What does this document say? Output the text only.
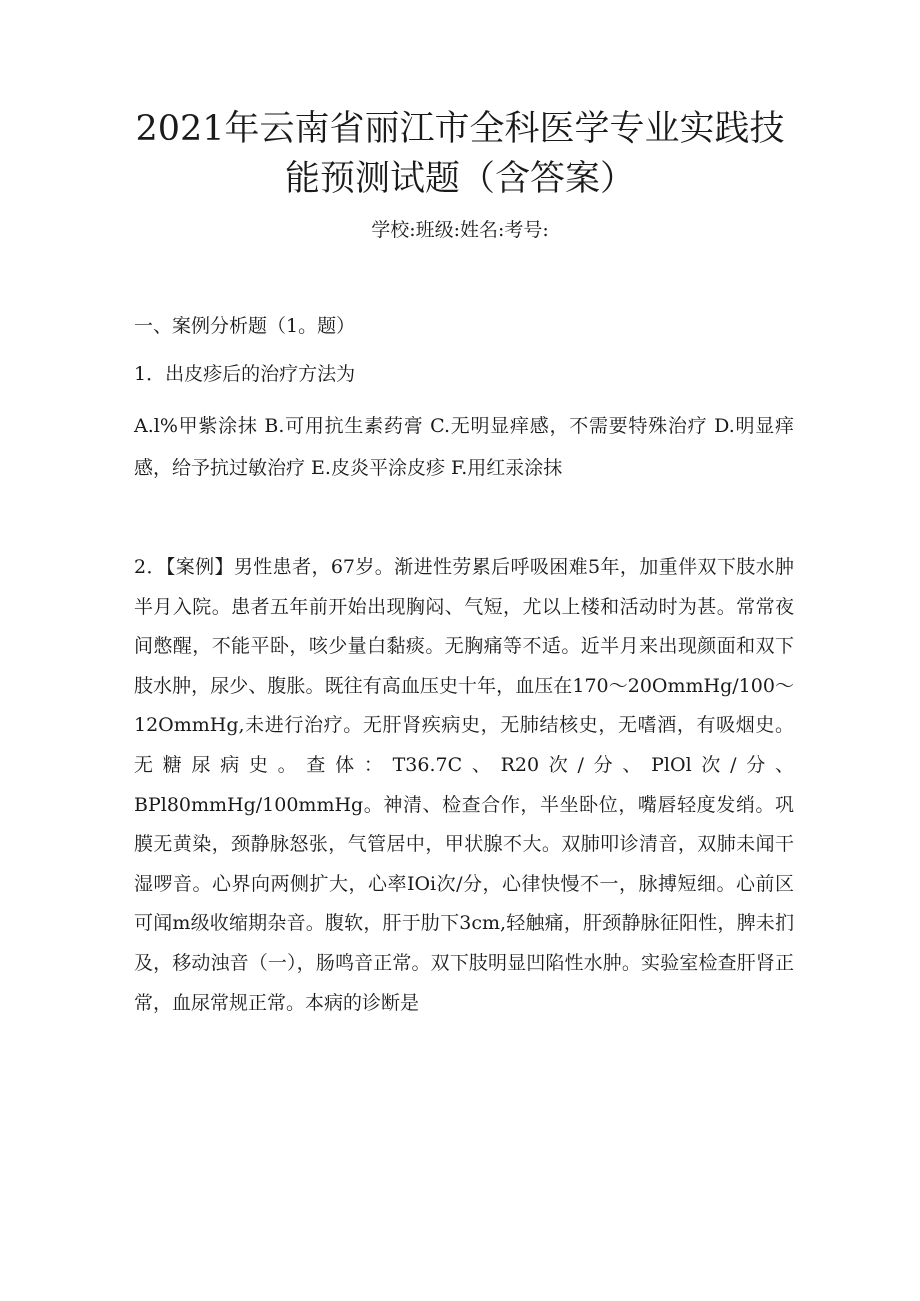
2021年云南省丽江市全科医学专业实践技
能预测试题（含答案）
学校:班级:姓名:考号:

一、案例分析题（1。题）

1．出皮疹后的治疗方法为

A.l%甲紫涂抹 B.可用抗生素药膏 C.无明显痒感，不需要特殊治疗 D.明显痒感，给予抗过敏治疗 E.皮炎平涂皮疹 F.用红汞涂抹

2．【案例】男性患者，67岁。渐进性劳累后呼吸困难5年，加重伴双下肢水肿半月入院。患者五年前开始出现胸闷、气短，尤以上楼和活动时为甚。常常夜间憋醒，不能平卧，咳少量白黏痰。无胸痛等不适。近半月来出现颜面和双下肢水肿，尿少、腹胀。既往有高血压史十年，血压在170～20OmmHg/100～12OmmHg,未进行治疗。无肝肾疾病史，无肺结核史，无嗜酒，有吸烟史。无糖尿病史。查体：T36.7C、R20次/分、PlOl次/分、BPl80mmHg/100mmHg。神清、检查合作，半坐卧位，嘴唇轻度发绡。巩膜无黄染，颈静脉怒张，气管居中，甲状腺不大。双肺叩诊清音，双肺未闻干湿啰音。心界向两侧扩大，心率IOi次/分，心律快慢不一，脉搏短细。心前区可闻m级收缩期杂音。腹软，肝于肋下3cm,轻触痛，肝颈静脉征阳性，脾未扪及，移动浊音（一），肠鸣音正常。双下肢明显凹陷性水肿。实验室检查肝肾正常，血尿常规正常。本病的诊断是
